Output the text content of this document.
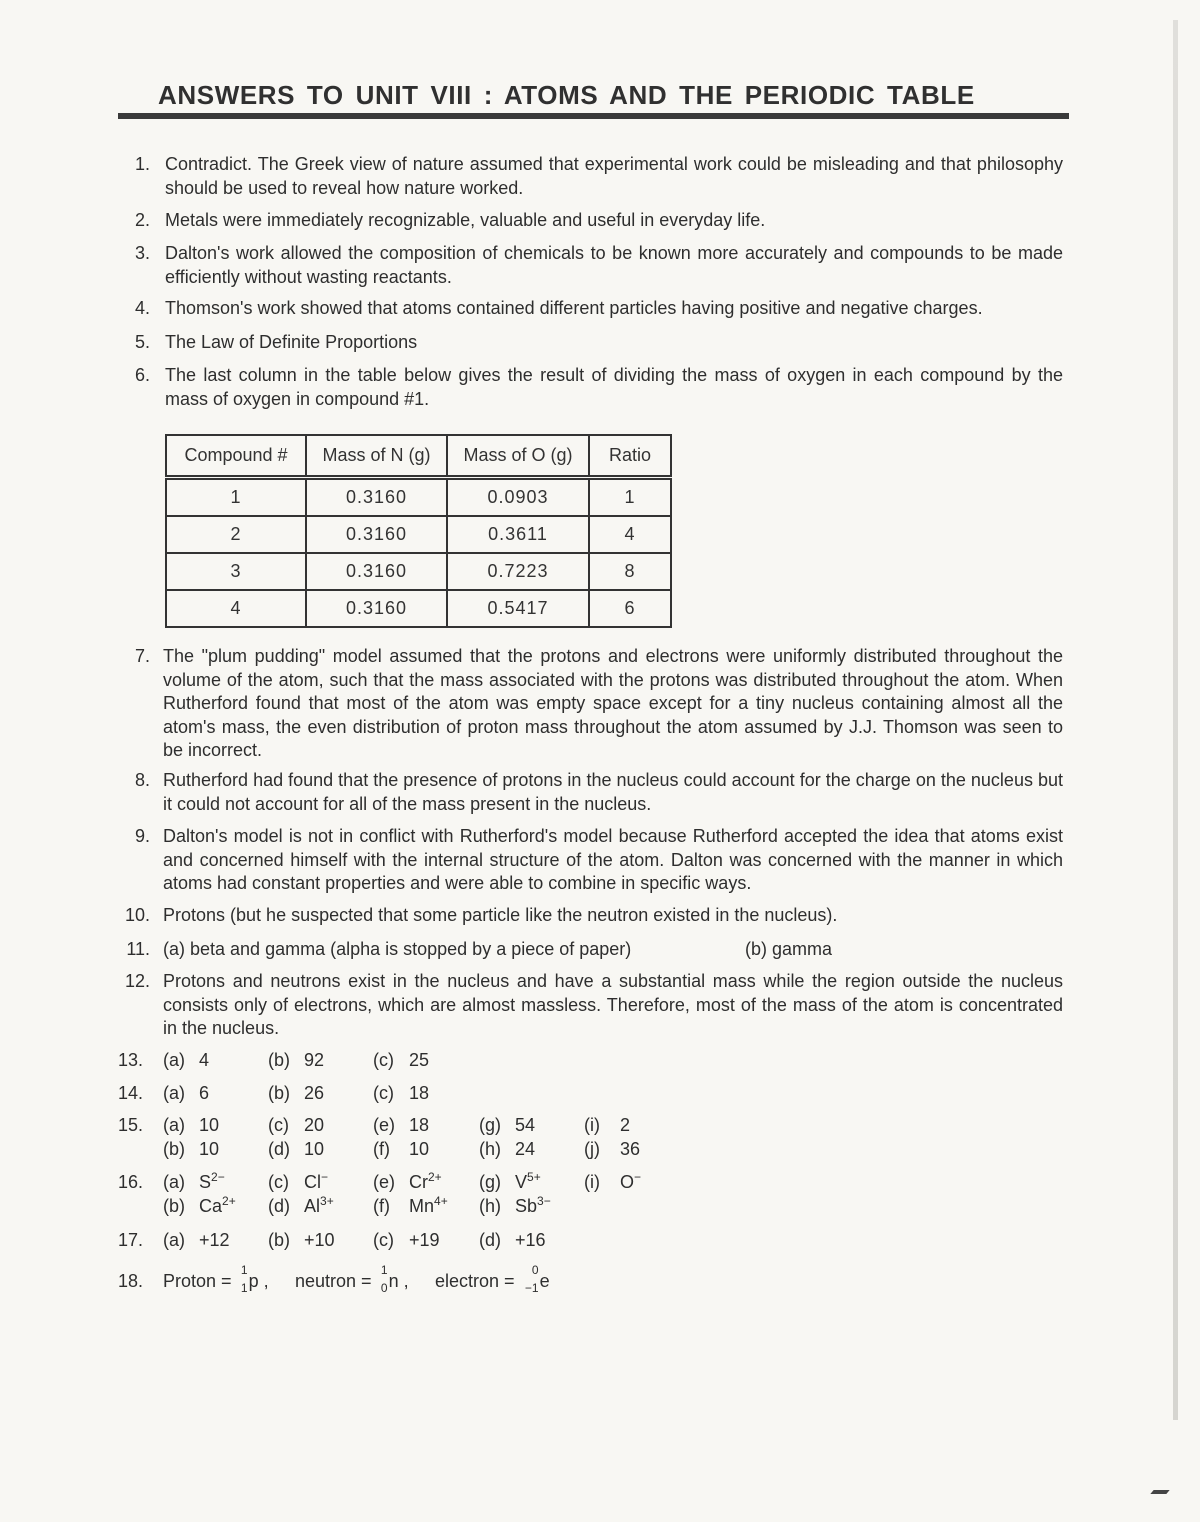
ANSWERS TO UNIT VIII : ATOMS AND THE PERIODIC TABLE
1. Contradict. The Greek view of nature assumed that experimental work could be misleading and that philosophy should be used to reveal how nature worked.
2. Metals were immediately recognizable, valuable and useful in everyday life.
3. Dalton's work allowed the composition of chemicals to be known more accurately and compounds to be made efficiently without wasting reactants.
4. Thomson's work showed that atoms contained different particles having positive and negative charges.
5. The Law of Definite Proportions
6. The last column in the table below gives the result of dividing the mass of oxygen in each compound by the mass of oxygen in compound #1.
Compound #	Mass of N (g)	Mass of O (g)	Ratio
1	0.3160	0.0903	1
2	0.3160	0.3611	4
3	0.3160	0.7223	8
4	0.3160	0.5417	6
7. The "plum pudding" model assumed that the protons and electrons were uniformly distributed throughout the volume of the atom, such that the mass associated with the protons was distributed throughout the atom. When Rutherford found that most of the atom was empty space except for a tiny nucleus containing almost all the atom's mass, the even distribution of proton mass throughout the atom assumed by J.J. Thomson was seen to be incorrect.
8. Rutherford had found that the presence of protons in the nucleus could account for the charge on the nucleus but it could not account for all of the mass present in the nucleus.
9. Dalton's model is not in conflict with Rutherford's model because Rutherford accepted the idea that atoms exist and concerned himself with the internal structure of the atom. Dalton was concerned with the manner in which atoms had constant properties and were able to combine in specific ways.
10. Protons (but he suspected that some particle like the neutron existed in the nucleus).
11. (a) beta and gamma (alpha is stopped by a piece of paper)	(b) gamma
12. Protons and neutrons exist in the nucleus and have a substantial mass while the region outside the nucleus consists only of electrons, which are almost massless. Therefore, most of the mass of the atom is concentrated in the nucleus.
13. (a) 4	(b) 92	(c) 25
14. (a) 6	(b) 26	(c) 18
15. (a) 10	(c) 20	(e) 18	(g) 54	(i) 2
(b) 10	(d) 10	(f) 10	(h) 24	(j) 36
16. (a) $S^{2-}$ (c) Cl− (e) $Cr^{2+}$ (g) $V^{5+}$ (i) O−
(b) $Ca^{2+}$ (d) $Al^{3+}$ (f) $Mn^{4+}$ (h) $Sb^{3-}$
17. (a) +12 (b) +10 (c) +19 (d) +16
18. Proton =
1
1 p , neutron =
1
0 n , electron =
0
−1 e
